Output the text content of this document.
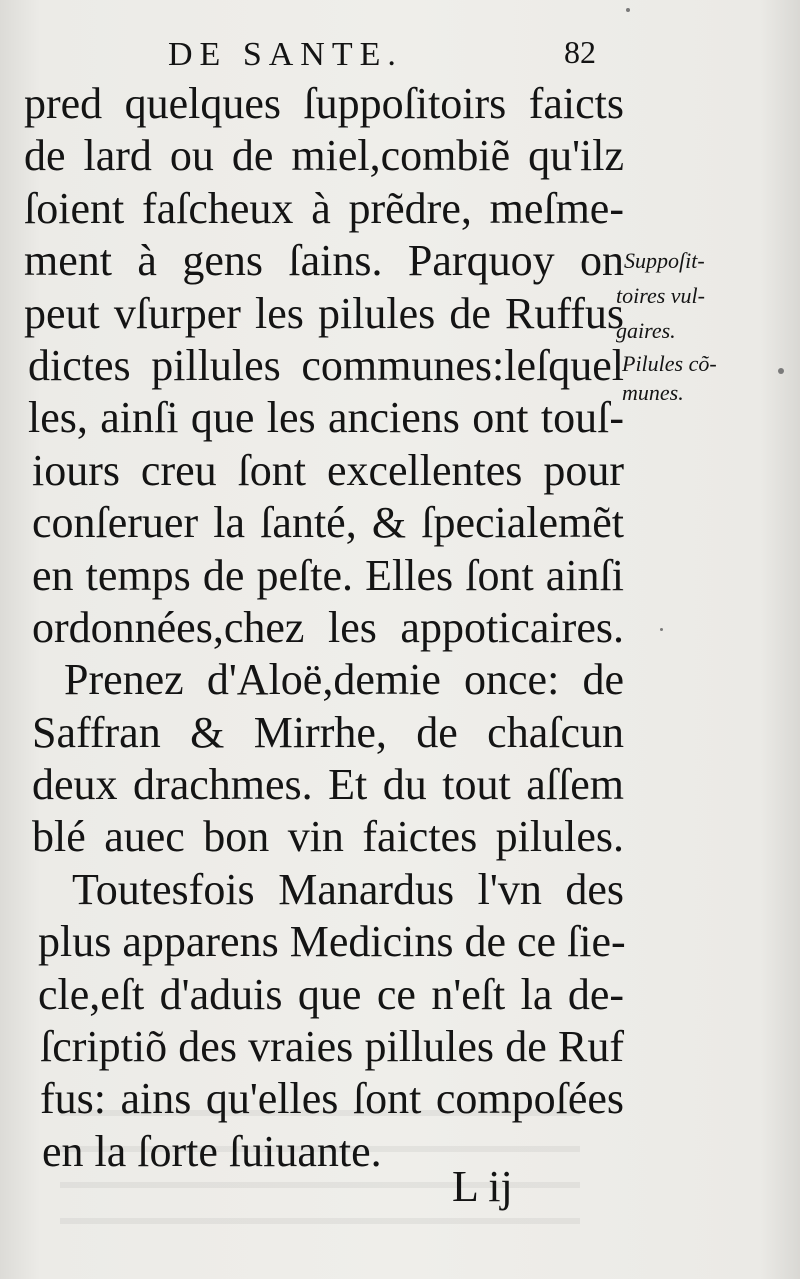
DE SANTE.	82
pred quelques ſuppoſitoirs faicts
de lard ou de miel,combiẽ qu'ilz
ſoient faſcheux à prẽdre, meſme-
ment à gens ſains. Parquoy on
peut vſurper les pilules de Ruffus
dictes pillules communes:leſquel
les, ainſi que les anciens ont touſ-
iours creu ſont excellentes pour
conſeruer la ſanté, & ſpecialemẽt
en temps de peſte. Elles ſont ainſi
ordonnées,chez les appoticaires.
Prenez d'Aloë,demie once: de
Saffran & Mirrhe, de chaſcun
deux drachmes. Et du tout aſſem
blé auec bon vin faictes pilules.
Toutesfois Manardus l'vn des
plus apparens Medicins de ce ſie-
cle,eſt d'aduis que ce n'eſt la de-
ſcriptiõ des vraies pillules de Ruf
fus: ains qu'elles ſont compoſées
en la ſorte ſuiuante.
Suppoſit-
toires vul-
gaires.
Pilules cõ-
munes.
L ij
